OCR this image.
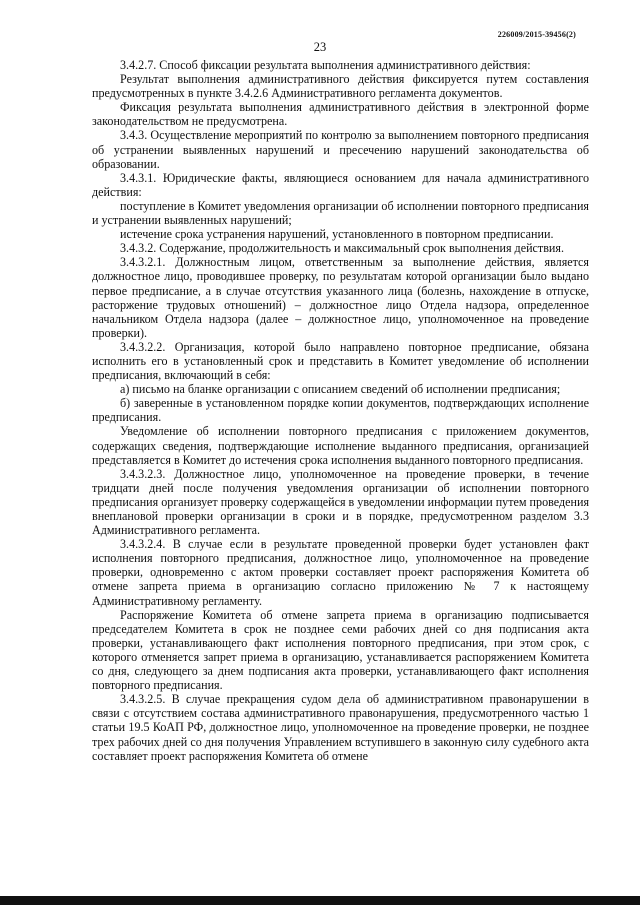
226009/2015-39456(2)
23

3.4.2.7. Способ фиксации результата выполнения административного действия:

Результат выполнения административного действия фиксируется путем составления предусмотренных в пункте 3.4.2.6 Административного регламента документов.

Фиксация результата выполнения административного действия в электронной форме законодательством не предусмотрена.

3.4.3. Осуществление мероприятий по контролю за выполнением повторного предписания об устранении выявленных нарушений и пресечению нарушений законодательства об образовании.

3.4.3.1. Юридические факты, являющиеся основанием для начала административного действия:

поступление в Комитет уведомления организации об исполнении повторного предписания и устранении выявленных нарушений;

истечение срока устранения нарушений, установленного в повторном предписании.

3.4.3.2. Содержание, продолжительность и максимальный срок выполнения действия.

3.4.3.2.1. Должностным лицом, ответственным за выполнение действия, является должностное лицо, проводившее проверку, по результатам которой организации было выдано первое предписание, а в случае отсутствия указанного лица (болезнь, нахождение в отпуске, расторжение трудовых отношений) – должностное лицо Отдела надзора, определенное начальником Отдела надзора (далее – должностное лицо, уполномоченное на проведение проверки).

3.4.3.2.2. Организация, которой было направлено повторное предписание, обязана исполнить его в установленный срок и представить в Комитет уведомление об исполнении предписания, включающий в себя:

а) письмо на бланке организации с описанием сведений об исполнении предписания;

б) заверенные в установленном порядке копии документов, подтверждающих исполнение предписания.

Уведомление об исполнении повторного предписания с приложением документов, содержащих сведения, подтверждающие исполнение выданного предписания, организацией представляется в Комитет до истечения срока исполнения выданного повторного предписания.

3.4.3.2.3. Должностное лицо, уполномоченное на проведение проверки, в течение тридцати дней после получения уведомления организации об исполнении повторного предписания организует проверку содержащейся в уведомлении информации путем проведения внеплановой проверки организации в сроки и в порядке, предусмотренном разделом 3.3 Административного регламента.

3.4.3.2.4. В случае если в результате проведенной проверки будет установлен факт исполнения повторного предписания, должностное лицо, уполномоченное на проведение проверки, одновременно с актом проверки составляет проект распоряжения Комитета об отмене запрета приема в организацию согласно приложению № 7 к настоящему Административному регламенту.

Распоряжение Комитета об отмене запрета приема в организацию подписывается председателем Комитета в срок не позднее семи рабочих дней со дня подписания акта проверки, устанавливающего факт исполнения повторного предписания, при этом срок, с которого отменяется запрет приема в организацию, устанавливается распоряжением Комитета со дня, следующего за днем подписания акта проверки, устанавливающего факт исполнения повторного предписания.

3.4.3.2.5. В случае прекращения судом дела об административном правонарушении в связи с отсутствием состава административного правонарушения, предусмотренного частью 1 статьи 19.5 КоАП РФ, должностное лицо, уполномоченное на проведение проверки, не позднее трех рабочих дней со дня получения Управлением вступившего в законную силу судебного акта составляет проект распоряжения Комитета об отмене
